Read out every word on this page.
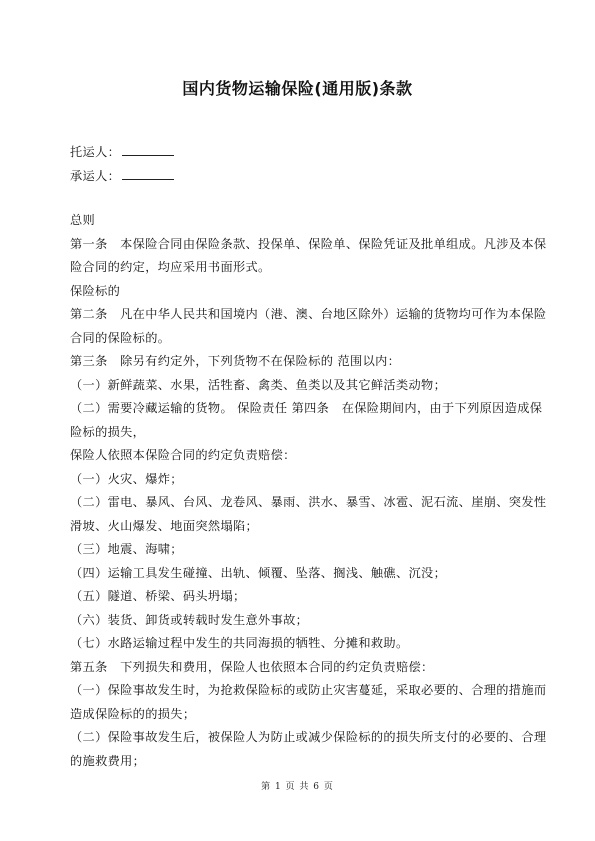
国内货物运输保险(通用版)条款
托运人：
承运人：
总则
第一条　本保险合同由保险条款、投保单、保险单、保险凭证及批单组成。凡涉及本保
险合同的约定，均应采用书面形式。
保险标的
第二条　凡在中华人民共和国境内（港、澳、台地区除外）运输的货物均可作为本保险
合同的保险标的。
第三条　除另有约定外，下列货物不在保险标的 范围以内：
（一）新鲜蔬菜、水果，活牲畜、禽类、鱼类以及其它鲜活类动物；
（二）需要冷藏运输的货物。 保险责任 第四条　在保险期间内，由于下列原因造成保
险标的损失，
保险人依照本保险合同的约定负责赔偿：
（一）火灾、爆炸；
（二）雷电、暴风、台风、龙卷风、暴雨、洪水、暴雪、冰雹、泥石流、崖崩、突发性
滑坡、火山爆发、地面突然塌陷；
（三）地震、海啸；
（四）运输工具发生碰撞、出轨、倾覆、坠落、搁浅、触礁、沉没；
（五）隧道、桥梁、码头坍塌；
（六）装货、卸货或转载时发生意外事故；
（七）水路运输过程中发生的共同海损的牺牲、分摊和救助。
第五条　下列损失和费用，保险人也依照本合同的约定负责赔偿：
（一）保险事故发生时，为抢救保险标的或防止灾害蔓延，采取必要的、合理的措施而
造成保险标的的损失；
（二）保险事故发生后，被保险人为防止或减少保险标的的损失所支付的必要的、合理
的施救费用；
第 1 页 共 6 页
